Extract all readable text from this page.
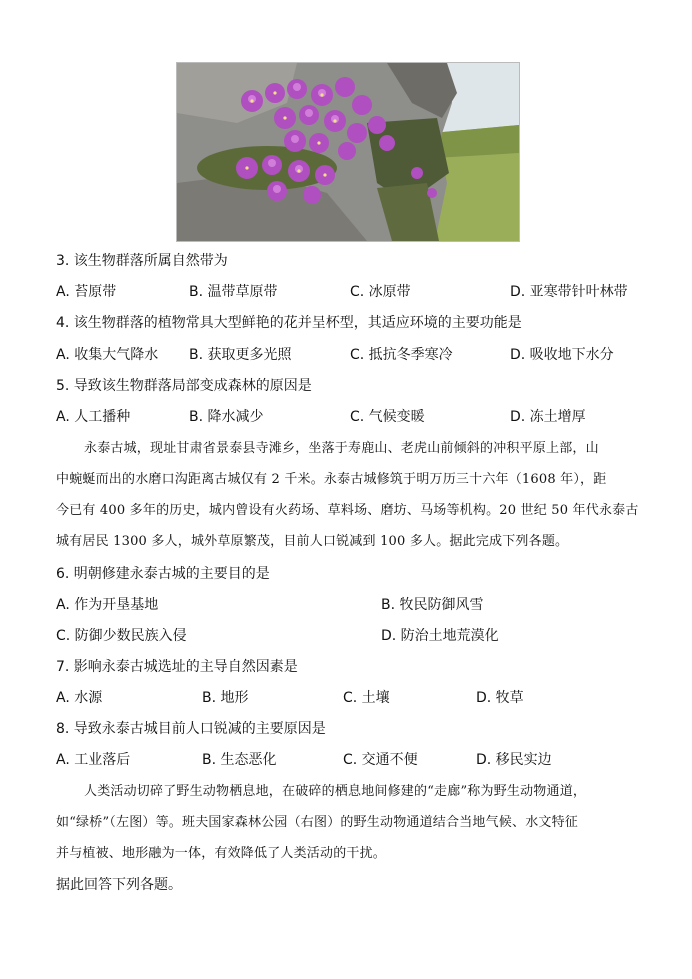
3. 该生物群落所属自然带为
A. 苔原带	B. 温带草原带	C. 冰原带	D. 亚寒带针叶林带
4. 该生物群落的植物常具大型鲜艳的花并呈杯型，其适应环境的主要功能是
A. 收集大气降水 B. 获取更多光照	C. 抵抗冬季寒冷	D. 吸收地下水分
5. 导致该生物群落局部变成森林的原因是
A. 人工播种	B. 降水减少	C. 气候变暖	D. 冻土增厚
永泰古城，现址甘肃省景泰县寺滩乡，坐落于寿鹿山、老虎山前倾斜的冲积平原上部，山
中蜿蜒而出的水磨口沟距离古城仅有 2 千米。永泰古城修筑于明万历三十六年（1608 年），距
今已有 400 多年的历史，城内曾设有火药场、草料场、磨坊、马场等机构。20 世纪 50 年代永泰古
城有居民 1300 多人，城外草原繁茂，目前人口锐减到 100 多人。据此完成下列各题。
6. 明朝修建永泰古城的主要目的是
A. 作为开垦基地	B. 牧民防御风雪
C. 防御少数民族入侵	D. 防治土地荒漠化
7. 影响永泰古城选址的主导自然因素是
A. 水源	B. 地形	C. 土壤	D. 牧草
8. 导致永泰古城目前人口锐减的主要原因是
A. 工业落后	B. 生态恶化	C. 交通不便	D. 移民实边
人类活动切碎了野生动物栖息地，在破碎的栖息地间修建的“走廊”称为野生动物通道，
如“绿桥”（左图）等。班夫国家森林公园（右图）的野生动物通道结合当地气候、水文特征
并与植被、地形融为一体，有效降低了人类活动的干扰。
据此回答下列各题。
